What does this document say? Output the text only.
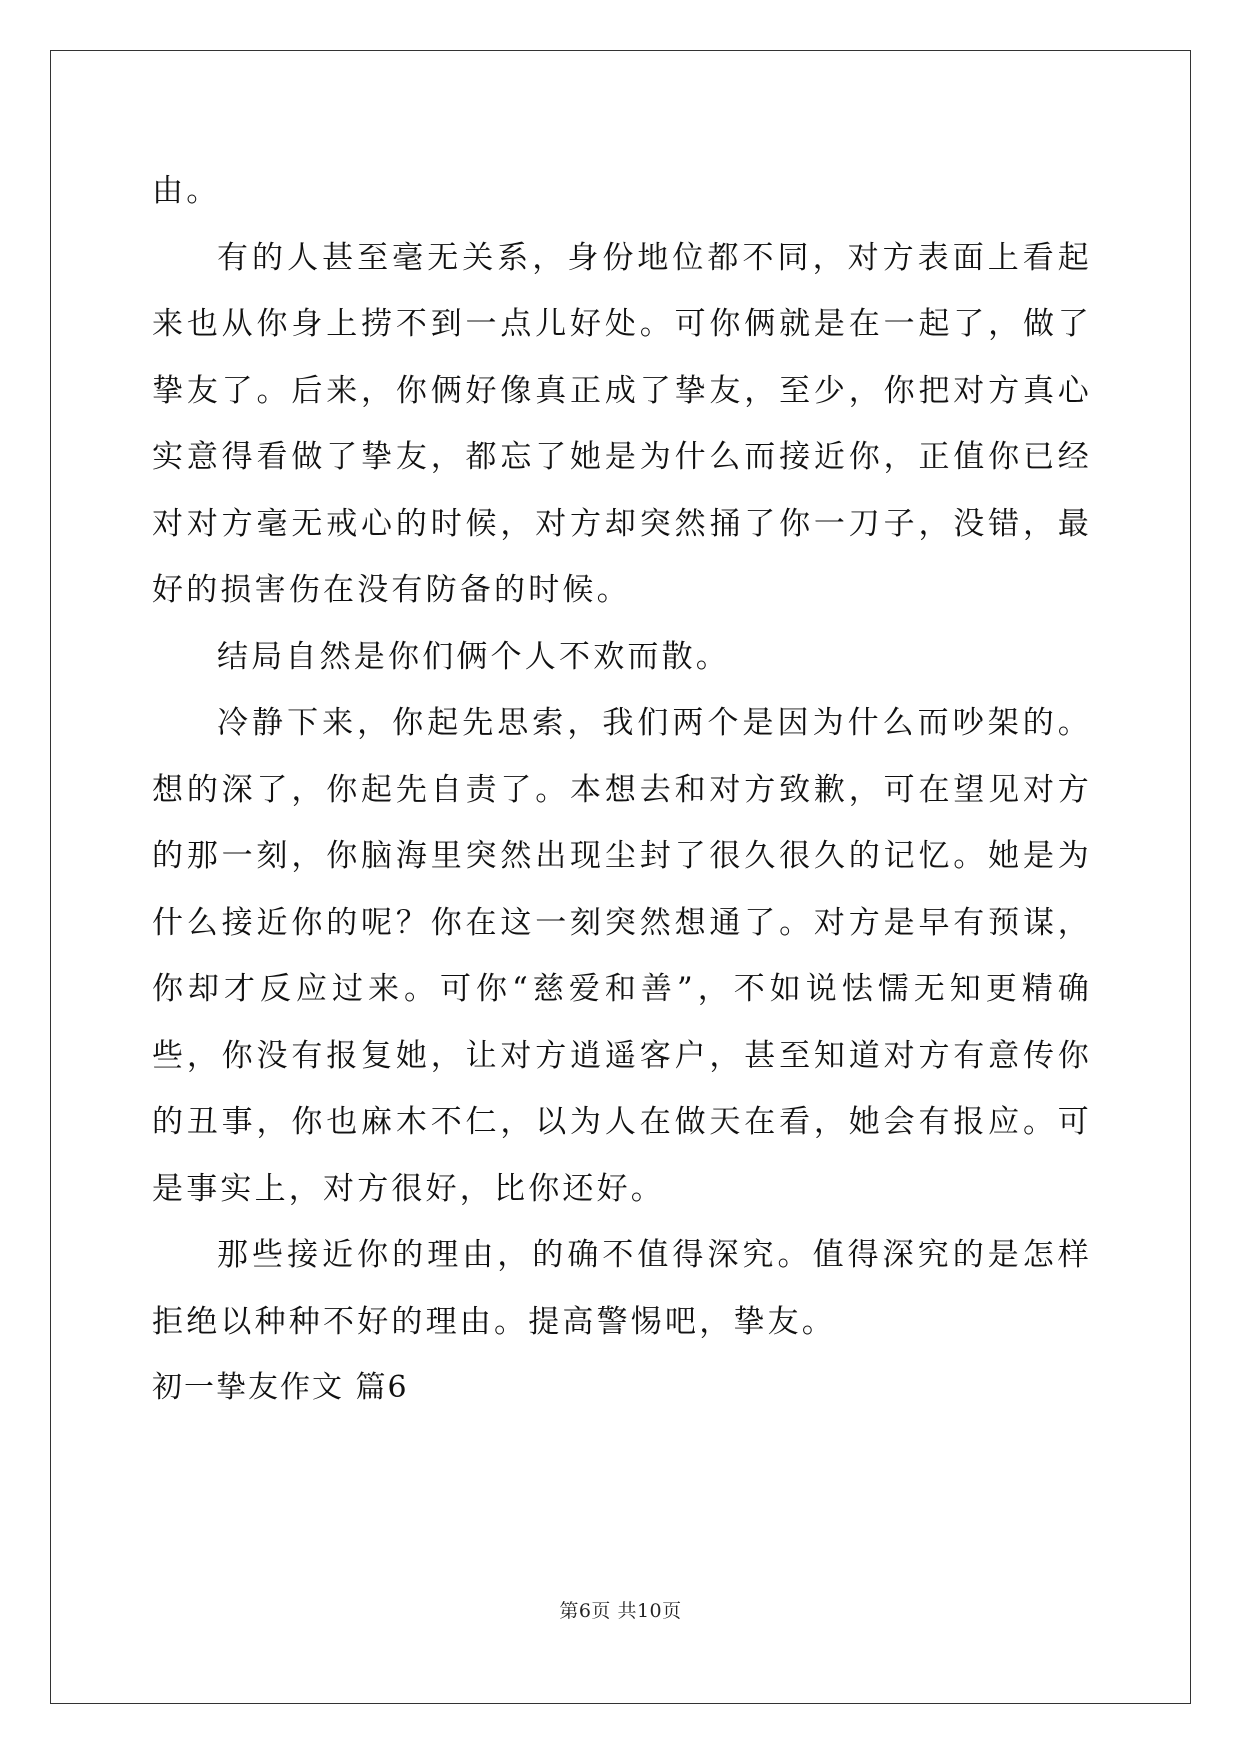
由。

有的人甚至毫无关系，身份地位都不同，对方表面上看起来也从你身上捞不到一点儿好处。可你俩就是在一起了，做了挚友了。后来，你俩好像真正成了挚友，至少，你把对方真心实意得看做了挚友，都忘了她是为什么而接近你，正值你已经对对方毫无戒心的时候，对方却突然捅了你一刀子，没错，最好的损害伤在没有防备的时候。

结局自然是你们俩个人不欢而散。

冷静下来，你起先思索，我们两个是因为什么而吵架的。想的深了，你起先自责了。本想去和对方致歉，可在望见对方的那一刻，你脑海里突然出现尘封了很久很久的记忆。她是为什么接近你的呢？你在这一刻突然想通了。对方是早有预谋，你却才反应过来。可你“慈爱和善”，不如说怯懦无知更精确些，你没有报复她，让对方逍遥客户，甚至知道对方有意传你的丑事，你也麻木不仁，以为人在做天在看，她会有报应。可是事实上，对方很好，比你还好。

那些接近你的理由，的确不值得深究。值得深究的是怎样拒绝以种种不好的理由。提高警惕吧，挚友。

初一挚友作文 篇6

第6页 共10页
